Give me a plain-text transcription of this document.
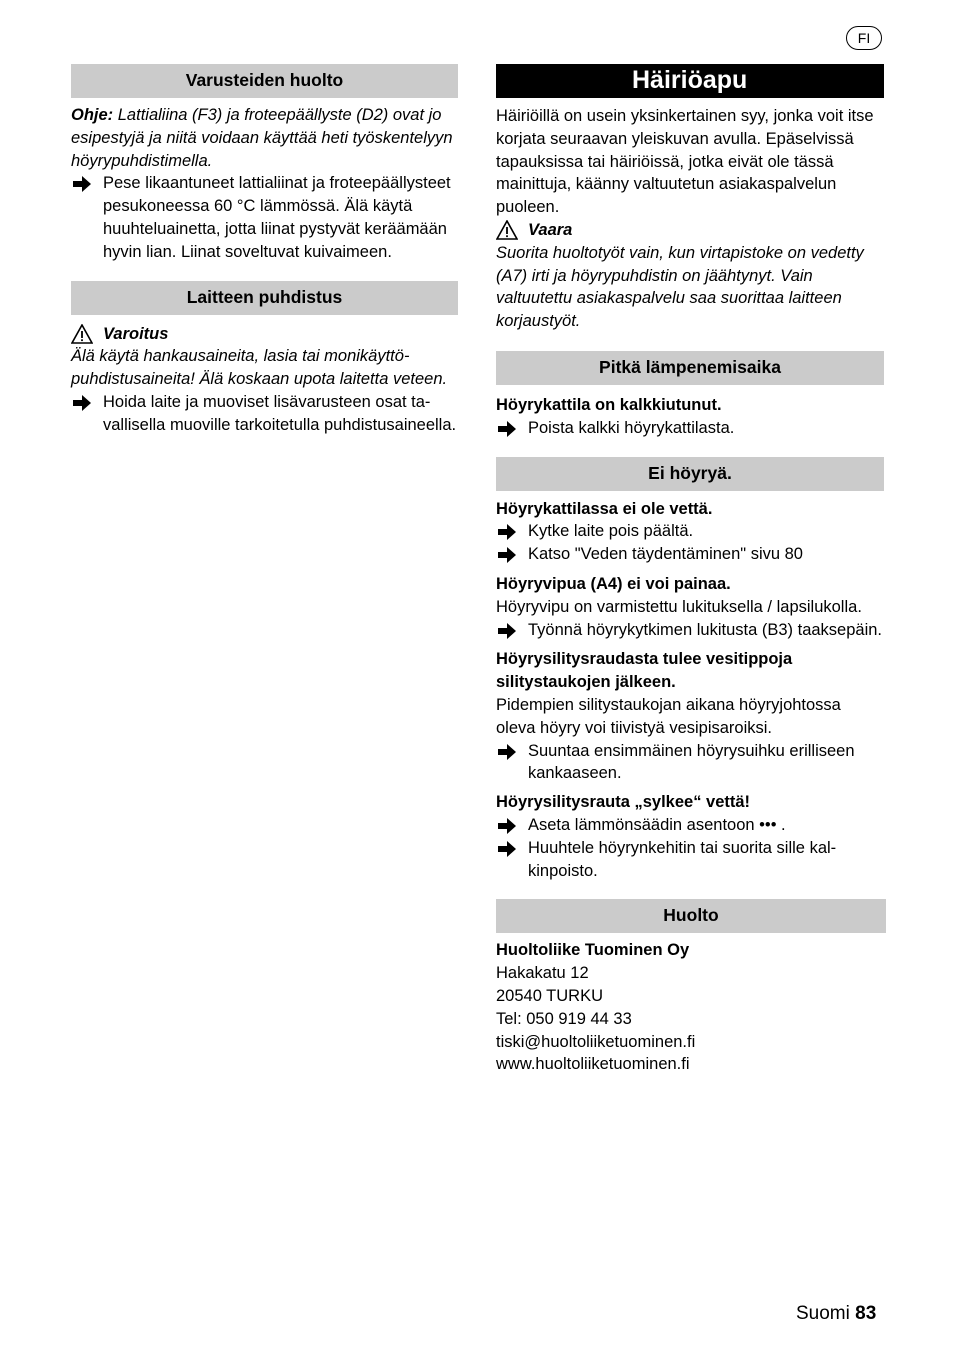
FI
Varusteiden huolto

Ohje: Lattialiina (F3) ja froteepäällyste (D2) ovat jo esipestyjä ja niitä voidaan käyttää heti työskentelyyn höyrypuhdistimella.

Pese likaantuneet lattialiinat ja froteepäällysteet pesukoneessa 60 °C lämmössä. Älä käytä huuhteluainetta, jotta liinat pystyvät keräämään hyvin lian. Liinat soveltuvat kuivaimeen.
Laitteen puhdistus
Varoitus

Älä käytä hankausaineita, lasia tai monikäyttöpuhdistusaineita! Älä koskaan upota laitetta veteen.

Hoida laite ja muoviset lisävarusteen osat tavallisella muoville tarkoitetulla puhdistusaineella.
Häiriöapu

Häiriöillä on usein yksinkertainen syy, jonka voit itse korjata seuraavan yleiskuvan avulla. Epäselvissä tapauksissa tai häiriöissä, jotka eivät ole tässä mainittuja, käänny valtuutetun asiakaspalvelun puoleen.

Vaara

Suorita huoltotyöt vain, kun virtapistoke on vedetty (A7) irti ja höyrypuhdistin on jäähtynyt. Vain valtuutettu asiakaspalvelu saa suorittaa laitteen korjaustyöt.

Pitkä lämpenemisaika

Höyrykattila on kalkkiutunut.

Poista kalkki höyrykattilasta.
Ei höyryä.

Höyrykattilassa ei ole vettä.

Kytke laite pois päältä.
Katso "Veden täydentäminen" sivu 80

Höyryvipua (A4) ei voi painaa.

Höyryvipu on varmistettu lukituksella / lapsilukolla.

Työnnä höyrykytkimen lukitusta (B3) taaksepäin.

Höyrysilitysraudasta tulee vesitippoja silitystaukojen jälkeen.

Pidempien silitystaukojan aikana höyryjohtossa oleva höyry voi tiivistyä vesipisaroiksi.

Suuntaa ensimmäinen höyrysuihku erilliseen kankaaseen.

Höyrysilitysrauta „sylkee“ vettä!

Aseta lämmönsäädin asentoon ••• .
Huuhtele höyrynkehitin tai suorita sille kalkinpoisto.
Huolto

Huoltoliike Tuominen Oy

Hakakatu 12

20540 TURKU

Tel: 050 919 44 33

tiski@huoltoliiketuominen.fi

www.huoltoliiketuominen.fi

Suomi 83
